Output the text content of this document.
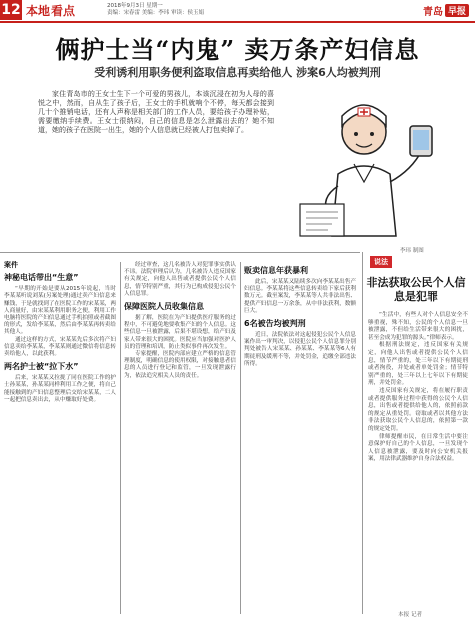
12 本地 看点	2018年9月3日 星期一
责编：宋春雷 美编：李玮 审读：侯玉娟	青岛 早报
俩护士当“内鬼” 卖万条产妇信息
受利诱利用职务便利盗取信息再卖给他人 涉案6人均被判刑
家住青岛市的王女士生下一个可爱的男孩儿，本该沉浸在初为人母的喜悦之中，然而，自从生了孩子后，王女士的手机就响个不停，每天都会接到几十个推销电话，还有人声称是相关部门的工作人员，要给孩子办理补贴，需要缴纳手续费。王女士很纳闷，自己的信息是怎么泄露出去的？她不知道，她的孩子在医院一出生，她的个人信息就已经被人打包卖掉了。
李玮 制图
案件
神秘电话带出“生意”

“早期的开始是要从2015年说起，当时李某某听说刘某(另案处理)通过卖产妇信息来赚钱，于是就找到了在医院工作的宋某某，两人商量好，由宋某某利用职务之便，利用工作电脑将医院的产妇信息通过手机拍照或者截图的形式，发给李某某，然后由李某某再转卖给其他人。

通过这样的方式，宋某某先后多次将产妇信息卖给李某某，李某某则通过微信将信息转卖给他人，以此获利。

两名护士被“拉下水”

后来，宋某某又拉拢了同在医院工作的护士孙某某，孙某某同样利用工作之便，将自己能接触到的产妇信息整理后交给宋某某，二人一起把信息卖出去，从中赚取好处费。

经过审查，这几名被告人对犯罪事实供认不讳。法院审理后认为，几名被告人违反国家有关规定，向他人出售或者提供公民个人信息，情节特别严重，其行为已构成侵犯公民个人信息罪。

保障医院人员收集信息

据了解，医院在为产妇提供医疗服务的过程中，不可避免地要收集产妇的个人信息。这些信息一旦被泄露，后果不堪设想，给产妇及家人带来很大的困扰。医院应当加强对医护人员的管理和培训，防止类似事件再次发生。

专家提醒，医院内部应建立严格的信息管理制度，明确信息的使用权限，对接触患者信息的人员进行登记和监管，一旦发现泄露行为，依法追究相关人员的责任。

贩卖信息年获暴利

此后，宋某某又陆续多次向李某某出售产妇信息。李某某将这些信息转卖给下家后获利数万元。截至案发，李某某等人共非法出售、提供产妇信息一万余条，从中非法获利，数额巨大。

6名被告均被判刑

近日，法院依法对这起侵犯公民个人信息案作出一审判决，以侵犯公民个人信息罪分别判处被告人宋某某、孙某某、李某某等6人有期徒刑及缓刑不等，并处罚金，追缴全部违法所得。

说法
非法获取公民个人信息是犯罪

“生活中，有些人对个人信息安全不够重视，殊不知，公民的个人信息一旦被泄露，不但给生活带来很大的困扰，甚至会成为犯罪的源头。”律师表示。

根据刑法规定，违反国家有关规定，向他人出售或者提供公民个人信息，情节严重的，处三年以下有期徒刑或者拘役，并处或者单处罚金；情节特别严重的，处三年以上七年以下有期徒刑，并处罚金。

违反国家有关规定，将在履行职责或者提供服务过程中获得的公民个人信息，出售或者提供给他人的，依照前款的规定从重处罚。窃取或者以其他方法非法获取公民个人信息的，依照第一款的规定处罚。

律师提醒市民，在日常生活中要注意保护好自己的个人信息，一旦发现个人信息被泄露，要及时向公安机关报案，用法律武器维护自身合法权益。

本报 记者
